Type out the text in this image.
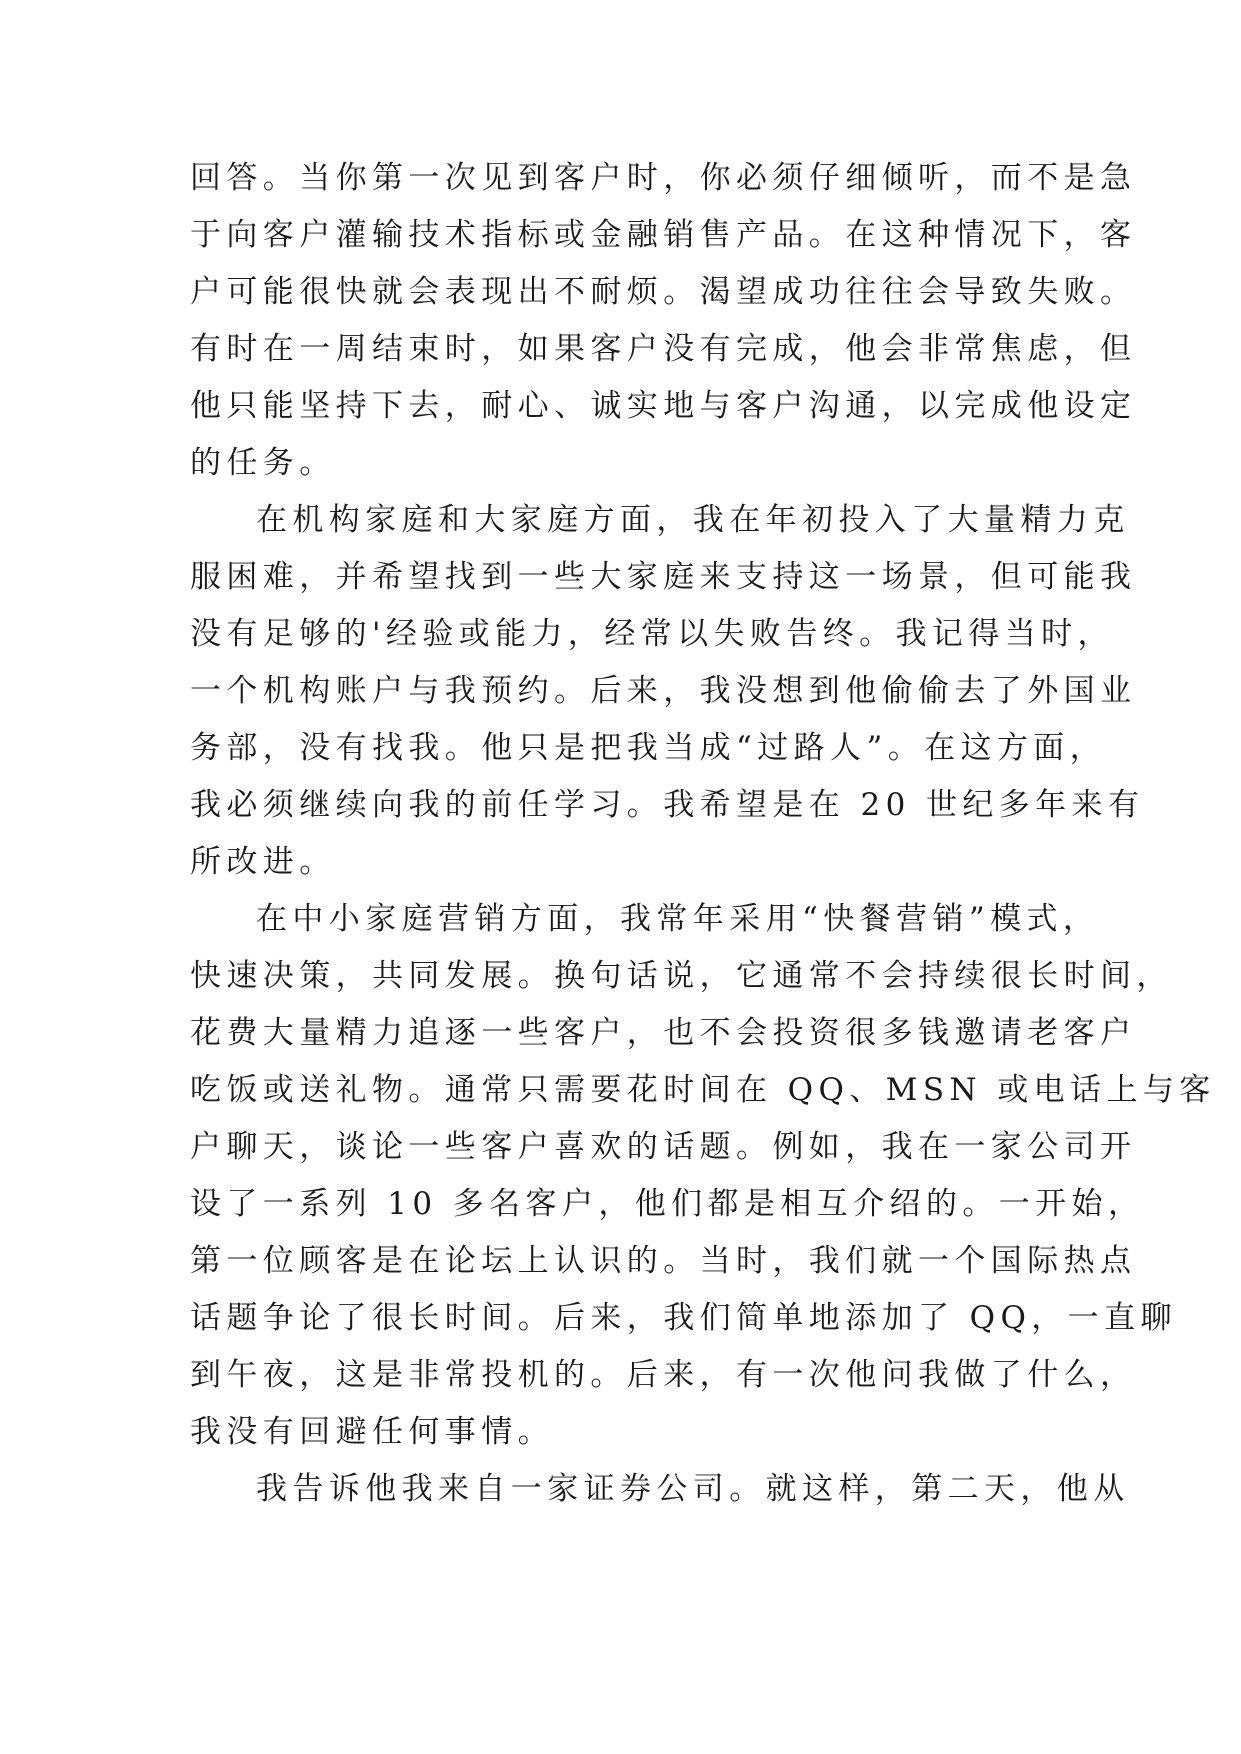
回答。当你第一次见到客户时，你必须仔细倾听，而不是急
于向客户灌输技术指标或金融销售产品。在这种情况下，客
户可能很快就会表现出不耐烦。渴望成功往往会导致失败。
有时在一周结束时，如果客户没有完成，他会非常焦虑，但
他只能坚持下去，耐心、诚实地与客户沟通，以完成他设定
的任务。
在机构家庭和大家庭方面，我在年初投入了大量精力克
服困难，并希望找到一些大家庭来支持这一场景，但可能我
没有足够的'经验或能力，经常以失败告终。我记得当时，
一个机构账户与我预约。后来，我没想到他偷偷去了外国业
务部，没有找我。他只是把我当成“过路人”。在这方面，
我必须继续向我的前任学习。我希望是在 20 世纪多年来有
所改进。
在中小家庭营销方面，我常年采用“快餐营销”模式，
快速决策，共同发展。换句话说，它通常不会持续很长时间，
花费大量精力追逐一些客户，也不会投资很多钱邀请老客户
吃饭或送礼物。通常只需要花时间在 QQ、MSN 或电话上与客
户聊天，谈论一些客户喜欢的话题。例如，我在一家公司开
设了一系列 10 多名客户，他们都是相互介绍的。一开始，
第一位顾客是在论坛上认识的。当时，我们就一个国际热点
话题争论了很长时间。后来，我们简单地添加了 QQ，一直聊
到午夜，这是非常投机的。后来，有一次他问我做了什么，
我没有回避任何事情。
我告诉他我来自一家证券公司。就这样，第二天，他从
